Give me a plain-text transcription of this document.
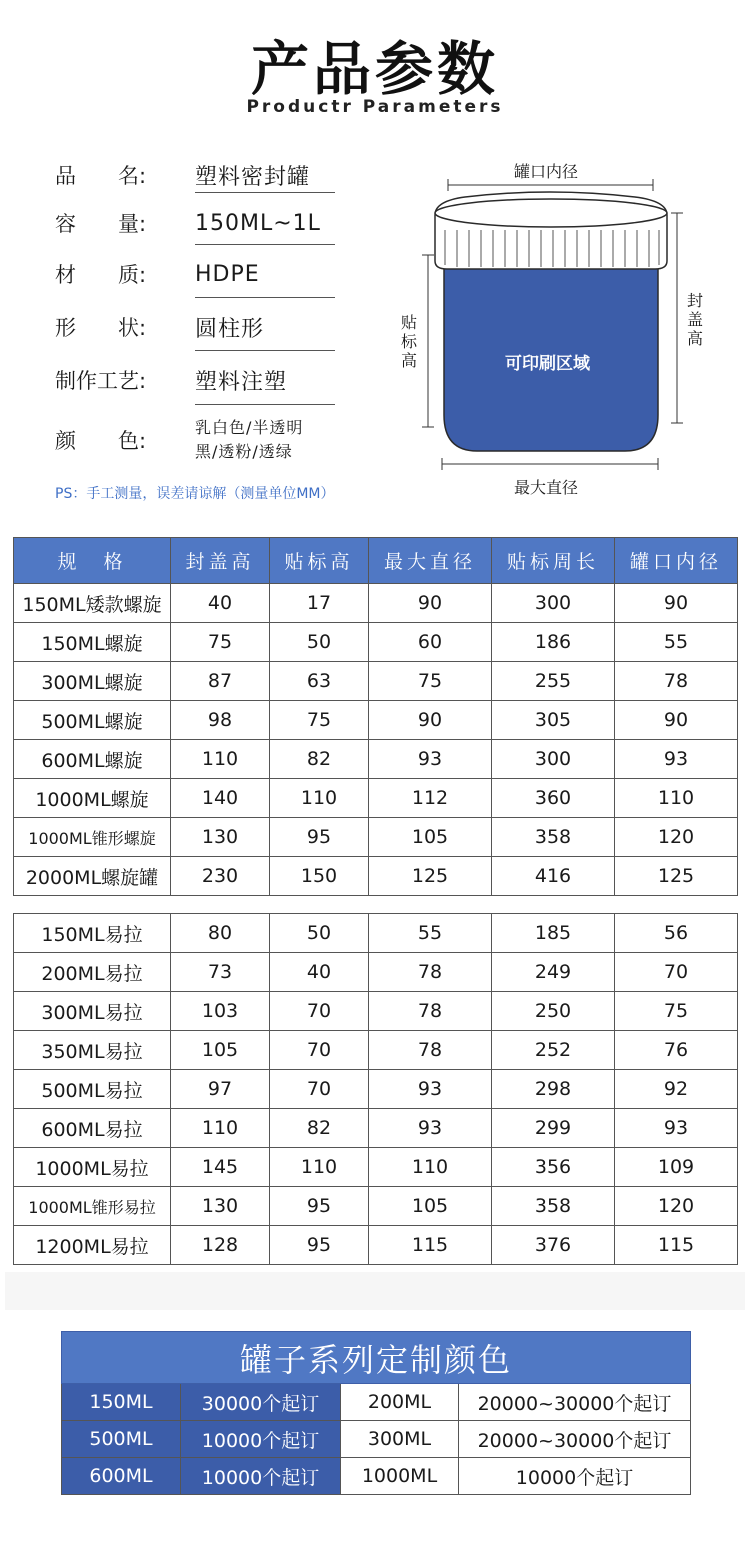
产品参数
Productr Parameters
品　　名:	塑料密封罐
容　　量:	150ML~1L
材　　质:	HDPE
形　　状:	圆柱形
制作工艺:	塑料注塑
颜　　色:
乳白色/半透明
黑/透粉/透绿
PS：手工测量，误差请谅解（测量单位MM）
罐口内径
贴标高
封盖高
最大直径
可印刷区域
规　格	封盖高	贴标高	最大直径	贴标周长	罐口内径
150ML矮款螺旋	40	17	90	300	90
150ML螺旋	75	50	60	186	55
300ML螺旋	87	63	75	255	78
500ML螺旋	98	75	90	305	90
600ML螺旋	110	82	93	300	93
1000ML螺旋	140	110	112	360	110
1000ML锥形螺旋	130	95	105	358	120
2000ML螺旋罐	230	150	125	416	125
150ML易拉	80	50	55	185	56
200ML易拉	73	40	78	249	70
300ML易拉	103	70	78	250	75
350ML易拉	105	70	78	252	76
500ML易拉	97	70	93	298	92
600ML易拉	110	82	93	299	93
1000ML易拉	145	110	110	356	109
1000ML锥形易拉	130	95	105	358	120
1200ML易拉	128	95	115	376	115
罐子系列定制颜色			
150ML	30000个起订	200ML	20000~30000个起订
500ML	10000个起订	300ML	20000~30000个起订
600ML	10000个起订	1000ML	10000个起订
